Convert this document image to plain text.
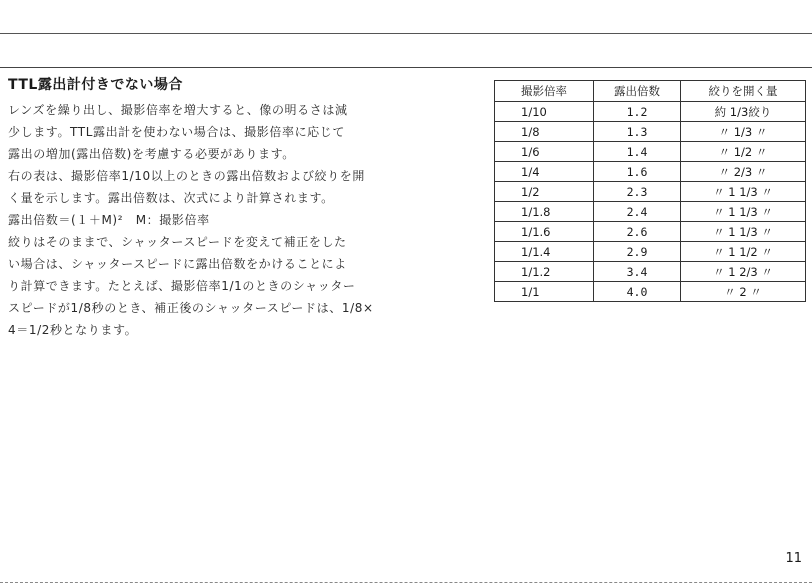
TTL露出計付きでない場合
レンズを繰り出し、撮影倍率を増大すると、像の明るさは減
少します。TTL露出計を使わない場合は、撮影倍率に応じて
露出の増加(露出倍数)を考慮する必要があります。
右の表は、撮影倍率1/10以上のときの露出倍数および絞りを開
く量を示します。露出倍数は、次式により計算されます。
露出倍数＝(１＋M)²　M：撮影倍率
絞りはそのままで、シャッタースピードを変えて補正をした
い場合は、シャッタースピードに露出倍数をかけることによ
り計算できます。たとえば、撮影倍率1/1のときのシャッター
スピードが1/8秒のとき、補正後のシャッタースピードは、1/8×
4＝1/2秒となります。
撮影倍率	露出倍数	絞りを開く量
1/10	1.2	約 1/3絞り
1/8	1.3	〃 1/3 〃
1/6	1.4	〃 1/2 〃
1/4	1.6	〃 2/3 〃
1/2	2.3	〃 1 1/3 〃
1/1.8	2.4	〃 1 1/3 〃
1/1.6	2.6	〃 1 1/3 〃
1/1.4	2.9	〃 1 1/2 〃
1/1.2	3.4	〃 1 2/3 〃
1/1	4.0	〃 2 〃
11
